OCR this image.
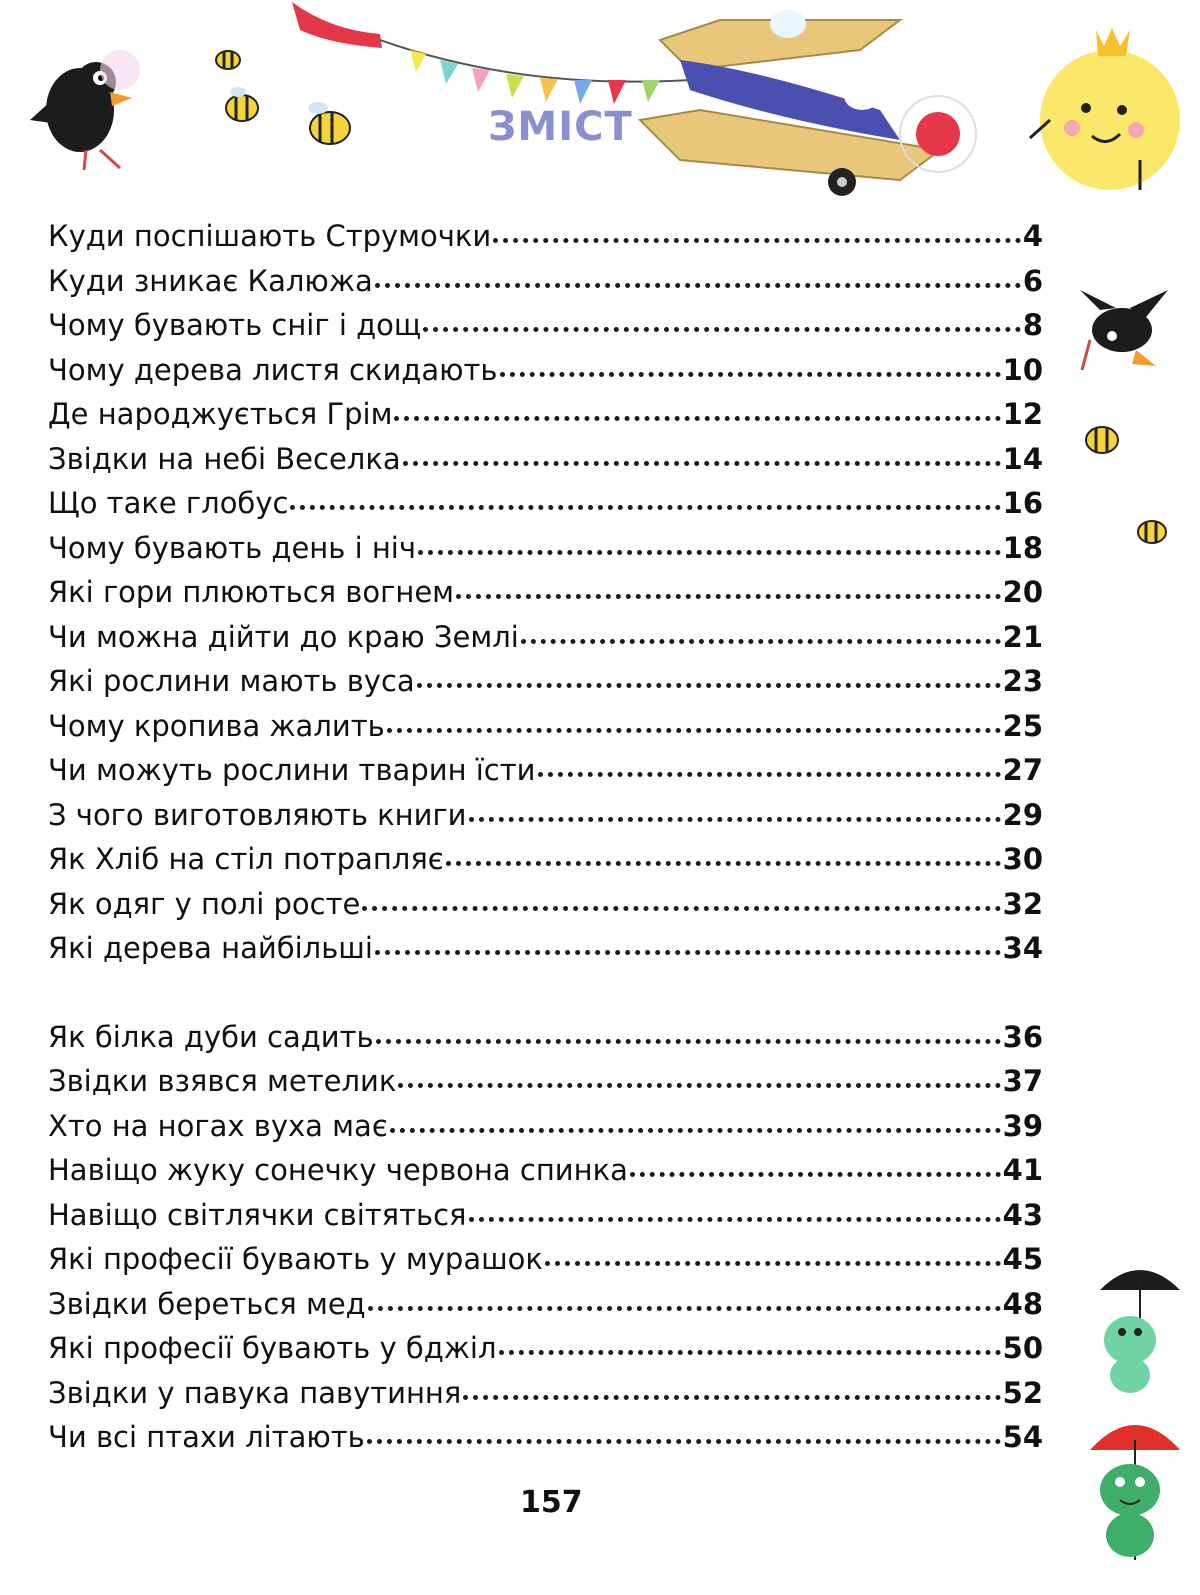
ЗМІСТ
Куди поспішають Струмочки	4
Куди зникає Калюжа	6
Чому бувають сніг і дощ	8
Чому дерева листя скидають	10
Де народжується Грім	12
Звідки на небі Веселка	14
Що таке глобус	16
Чому бувають день і ніч	18
Які гори плюються вогнем	20
Чи можна дійти до краю Землі	21
Які рослини мають вуса	23
Чому кропива жалить	25
Чи можуть рослини тварин їсти	27
З чого виготовляють книги	29
Як Хліб на стіл потрапляє	30
Як одяг у полі росте	32
Які дерева найбільші	34
Як білка дуби садить	36
Звідки взявся метелик	37
Хто на ногах вуха має	39
Навіщо жуку сонечку червона спинка	41
Навіщо світлячки світяться	43
Які професії бувають у мурашок	45
Звідки береться мед	48
Які професії бувають у бджіл	50
Звідки у павука павутиння	52
Чи всі птахи літають	54
157
